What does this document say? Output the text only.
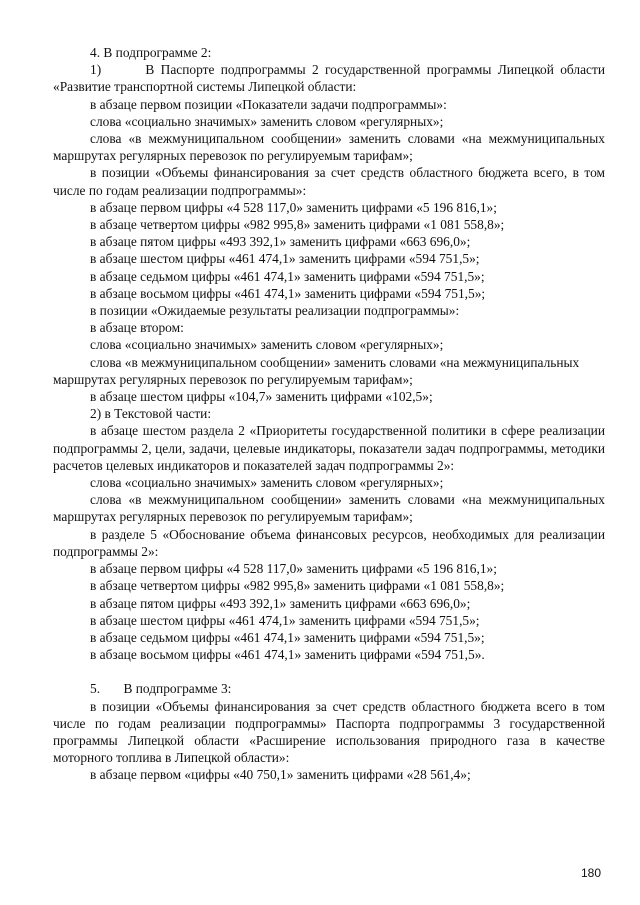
4. В подпрограмме 2:

1)       В Паспорте подпрограммы 2 государственной программы Липецкой области «Развитие транспортной системы Липецкой области:

в абзаце первом позиции «Показатели задачи подпрограммы»:

слова «социально значимых» заменить словом «регулярных»;

слова «в межмуниципальном сообщении» заменить словами «на межмуниципальных маршрутах регулярных перевозок по регулируемым тарифам»;

в позиции «Объемы финансирования за счет средств областного бюджета всего, в том числе по годам реализации подпрограммы»:

в абзаце первом цифры «4 528 117,0» заменить цифрами «5 196 816,1»;

в абзаце четвертом цифры «982 995,8» заменить цифрами «1 081 558,8»;

в абзаце пятом цифры «493 392,1» заменить цифрами «663 696,0»;

в абзаце шестом цифры «461 474,1» заменить цифрами «594 751,5»;

в абзаце седьмом цифры «461 474,1» заменить цифрами «594 751,5»;

в абзаце восьмом цифры «461 474,1» заменить цифрами «594 751,5»;

в позиции «Ожидаемые результаты реализации подпрограммы»:

в абзаце втором:

слова «социально значимых» заменить словом «регулярных»;

слова «в межмуниципальном сообщении» заменить словами «на межмуниципальных маршрутах регулярных перевозок по регулируемым тарифам»;

в абзаце шестом цифры «104,7» заменить цифрами «102,5»;

2) в Текстовой части:

в абзаце шестом раздела 2 «Приоритеты государственной политики в сфере реализации подпрограммы 2, цели, задачи, целевые индикаторы, показатели задач подпрограммы, методики расчетов целевых индикаторов и показателей задач подпрограммы 2»:

слова «социально значимых» заменить словом «регулярных»;

слова «в межмуниципальном сообщении» заменить словами «на межмуниципальных маршрутах регулярных перевозок по регулируемым тарифам»;

в разделе 5 «Обоснование объема финансовых ресурсов, необходимых для реализации подпрограммы 2»:

в абзаце первом цифры «4 528 117,0» заменить цифрами «5 196 816,1»;

в абзаце четвертом цифры «982 995,8» заменить цифрами «1 081 558,8»;

в абзаце пятом цифры «493 392,1» заменить цифрами «663 696,0»;

в абзаце шестом цифры «461 474,1» заменить цифрами «594 751,5»;

в абзаце седьмом цифры «461 474,1» заменить цифрами «594 751,5»;

в абзаце восьмом цифры «461 474,1» заменить цифрами «594 751,5».

5.       В подпрограмме 3:

в позиции «Объемы финансирования за счет средств областного бюджета всего в том числе по годам реализации подпрограммы» Паспорта подпрограммы 3 государственной программы Липецкой области «Расширение использования природного газа в качестве моторного топлива в Липецкой области»:

в абзаце первом «цифры «40 750,1» заменить цифрами «28 561,4»;

180
